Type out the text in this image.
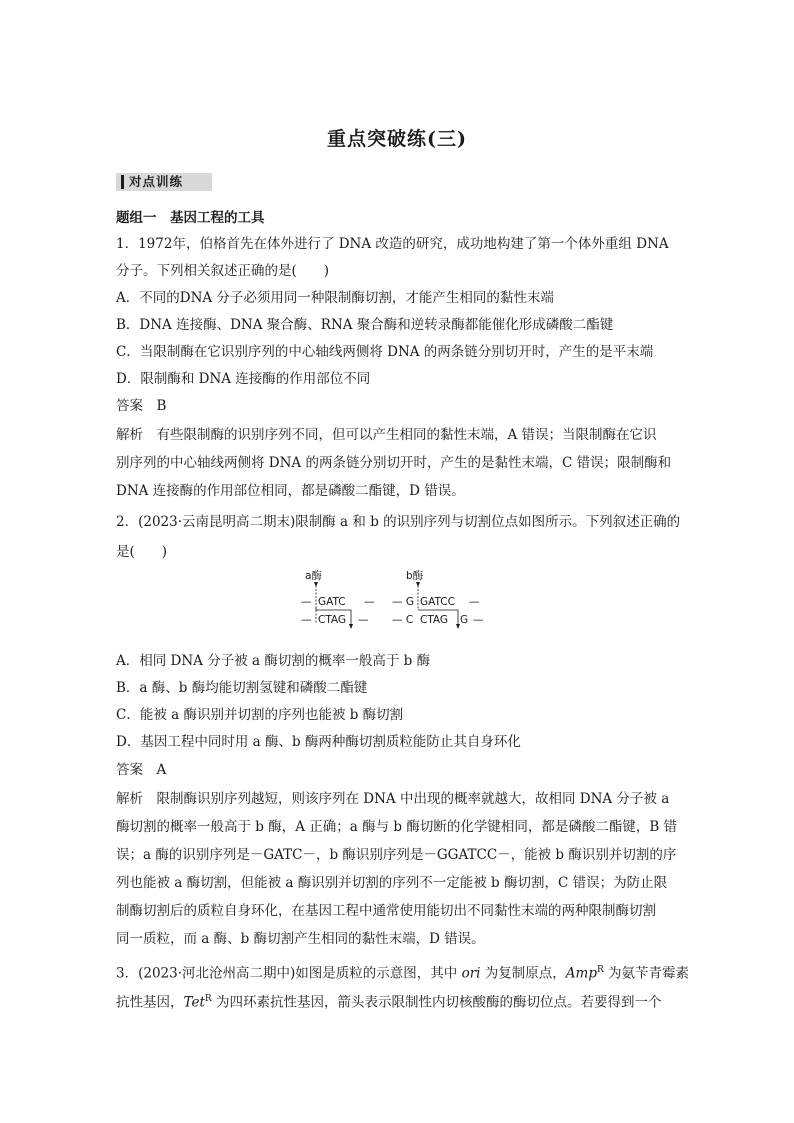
重点突破练(三)
对点训练
题组一　基因工程的工具
1．1972年，伯格首先在体外进行了 DNA 改造的研究，成功地构建了第一个体外重组 DNA
分子。下列相关叙述正确的是(　　)
A．不同的DNA 分子必须用同一种限制酶切割，才能产生相同的黏性末端
B．DNA 连接酶、DNA 聚合酶、RNA 聚合酶和逆转录酶都能催化形成磷酸二酯键
C．当限制酶在它识别序列的中心轴线两侧将 DNA 的两条链分别切开时，产生的是平末端
D．限制酶和 DNA 连接酶的作用部位不同
答案　B
解析　有些限制酶的识别序列不同，但可以产生相同的黏性末端，A 错误；当限制酶在它识
别序列的中心轴线两侧将 DNA 的两条链分别切开时，产生的是黏性末端，C 错误；限制酶和
DNA 连接酶的作用部位相同，都是磷酸二酯键，D 错误。
2．(2023·云南昆明高二期末)限制酶 a 和 b 的识别序列与切割位点如图所示。下列叙述正确的
是(　　)
a酶
— GATC —
— CTAG —
b酶
— G GATCC —
— C CTAG G —
A．相同 DNA 分子被 a 酶切割的概率一般高于 b 酶
B．a 酶、b 酶均能切割氢键和磷酸二酯键
C．能被 a 酶识别并切割的序列也能被 b 酶切割
D．基因工程中同时用 a 酶、b 酶两种酶切割质粒能防止其自身环化
答案　A
解析　限制酶识别序列越短，则该序列在 DNA 中出现的概率就越大，故相同 DNA 分子被 a
酶切割的概率一般高于 b 酶，A 正确；a 酶与 b 酶切断的化学键相同，都是磷酸二酯键，B 错
误；a 酶的识别序列是－GATC－，b 酶识别序列是－GGATCC－，能被 b 酶识别并切割的序
列也能被 a 酶切割，但能被 a 酶识别并切割的序列不一定能被 b 酶切割，C 错误；为防止限
制酶切割后的质粒自身环化，在基因工程中通常使用能切出不同黏性末端的两种限制酶切割
同一质粒，而 a 酶、b 酶切割产生相同的黏性末端，D 错误。
3．(2023·河北沧州高二期中)如图是质粒的示意图，其中 ori 为复制原点，Amp$^R$ 为氨苄青霉素
抗性基因，Tet$^R$ 为四环素抗性基因，箭头表示限制性内切核酸酶的酶切位点。若要得到一个
